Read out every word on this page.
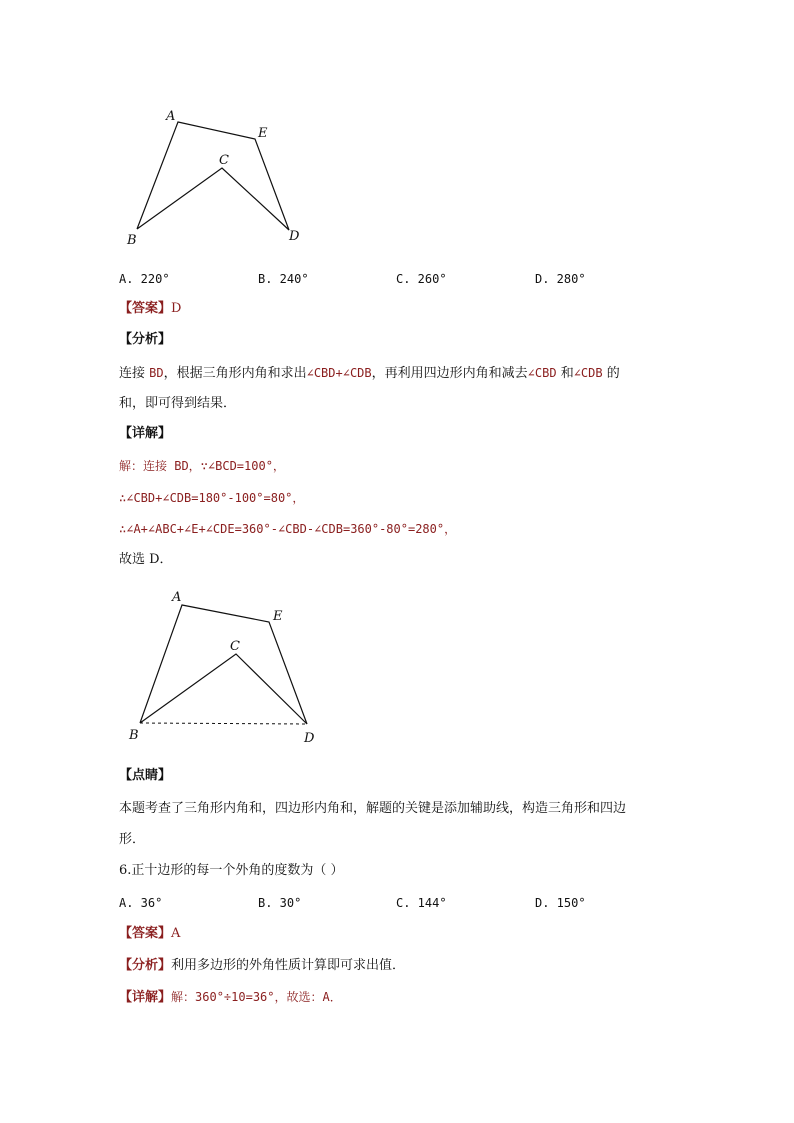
A
E
C
B	D
A. 220°	B. 240°	C. 260°	D. 280°
【答案】D
【分析】
连接 BD，根据三角形内角和求出∠CBD+∠CDB，再利用四边形内角和减去∠CBD 和∠CDB 的
和，即可得到结果．
【详解】
解：连接 BD，∵∠BCD=100°，
∴∠CBD+∠CDB=180°-100°=80°，
∴∠A+∠ABC+∠E+∠CDE=360°-∠CBD-∠CDB=360°-80°=280°，
故选 D．
A
E
C
B	D
【点睛】
本题考查了三角形内角和，四边形内角和，解题的关键是添加辅助线，构造三角形和四边
形．
6.正十边形的每一个外角的度数为（ ）
A. 36°	B. 30°	C. 144°	D. 150°
【答案】A
【分析】利用多边形的外角性质计算即可求出值．
【详解】解：360°÷10=36°，故选：A．
